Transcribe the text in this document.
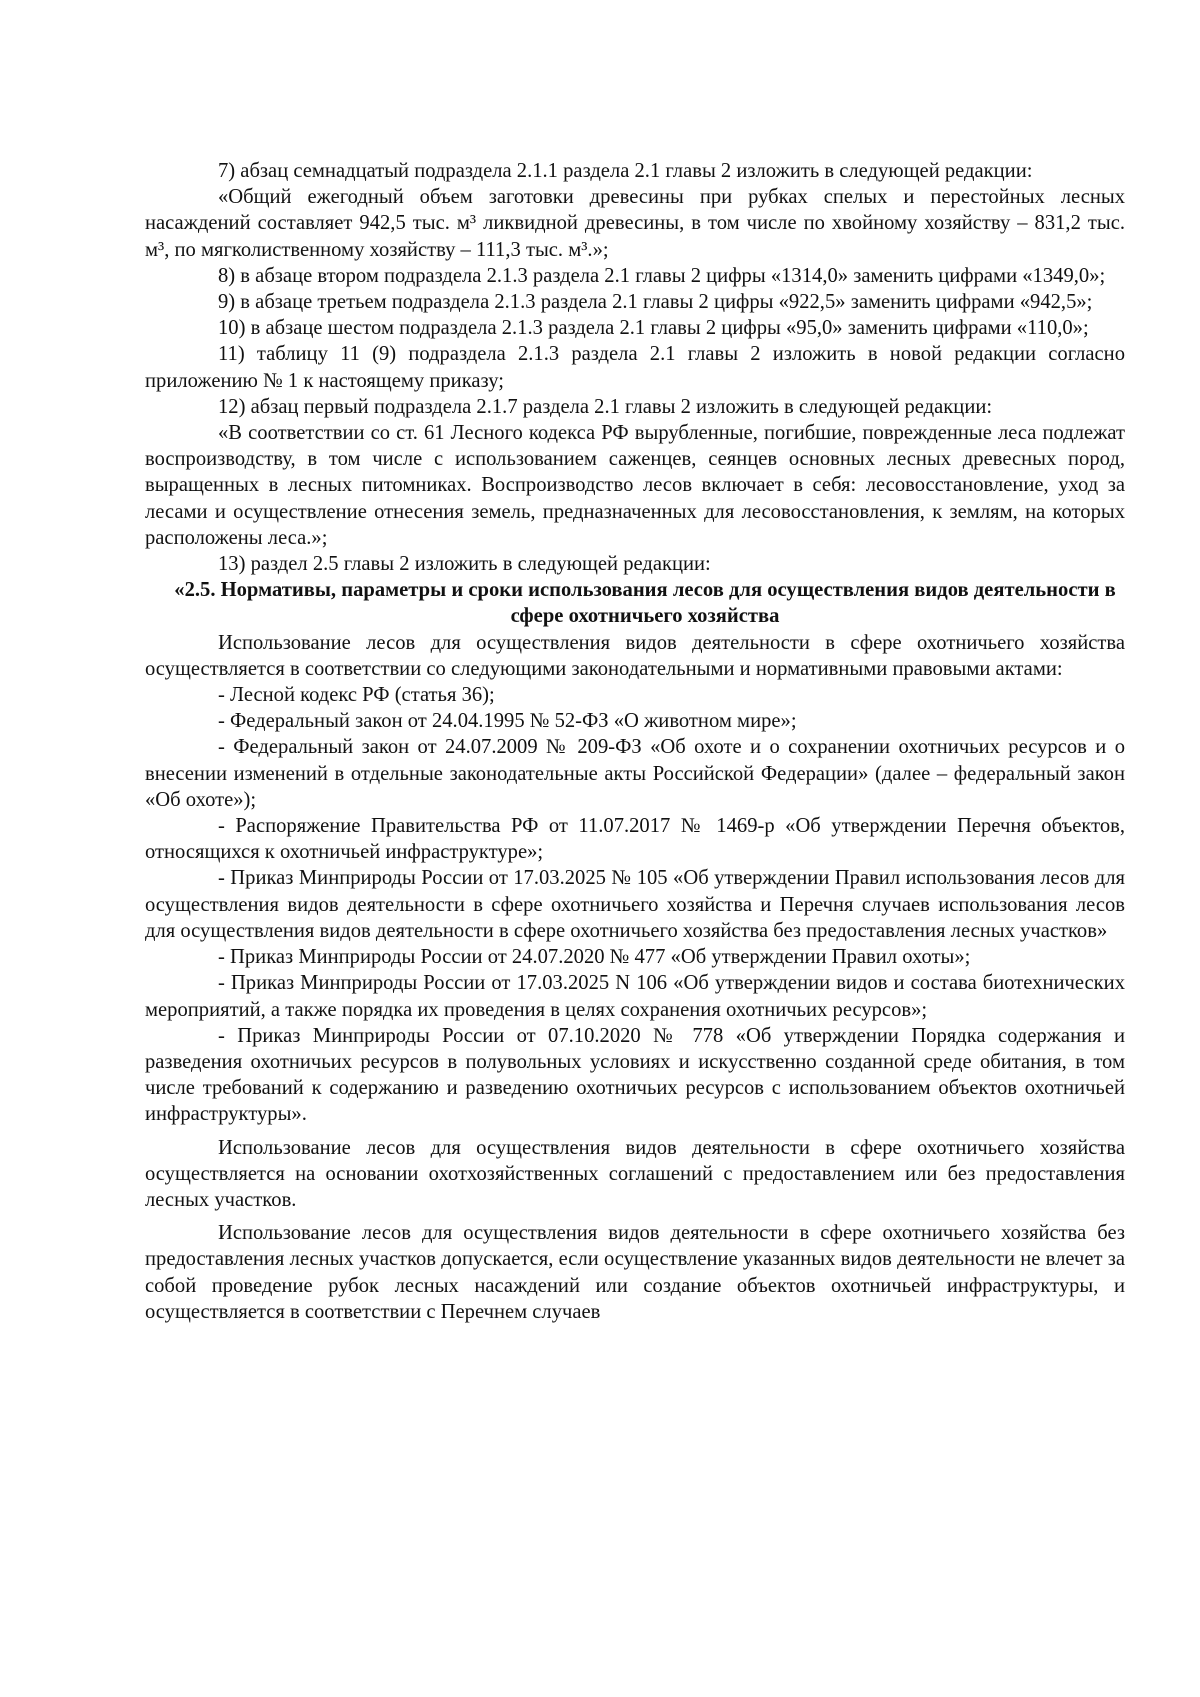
7) абзац семнадцатый подраздела 2.1.1 раздела 2.1 главы 2 изложить в следующей редакции:

«Общий ежегодный объем заготовки древесины при рубках спелых и перестойных лесных насаждений составляет 942,5 тыс. м³ ликвидной древесины, в том числе по хвойному хозяйству – 831,2 тыс. м³, по мягколиственному хозяйству – 111,3 тыс. м³.»;

8) в абзаце втором подраздела 2.1.3 раздела 2.1 главы 2 цифры «1314,0» заменить цифрами «1349,0»;

9) в абзаце третьем подраздела 2.1.3 раздела 2.1 главы 2 цифры «922,5» заменить цифрами «942,5»;

10) в абзаце шестом подраздела 2.1.3 раздела 2.1 главы 2 цифры «95,0» заменить цифрами «110,0»;

11) таблицу 11 (9) подраздела 2.1.3 раздела 2.1 главы 2 изложить в новой редакции согласно приложению № 1 к настоящему приказу;

12) абзац первый подраздела 2.1.7 раздела 2.1 главы 2 изложить в следующей редакции:

«В соответствии со ст. 61 Лесного кодекса РФ вырубленные, погибшие, поврежденные леса подлежат воспроизводству, в том числе с использованием саженцев, сеянцев основных лесных древесных пород, выращенных в лесных питомниках. Воспроизводство лесов включает в себя: лесовосстановление, уход за лесами и осуществление отнесения земель, предназначенных для лесовосстановления, к землям, на которых расположены леса.»;

13) раздел 2.5 главы 2 изложить в следующей редакции:

«2.5. Нормативы, параметры и сроки использования лесов для осуществления видов деятельности в сфере охотничьего хозяйства

Использование лесов для осуществления видов деятельности в сфере охотничьего хозяйства осуществляется в соответствии со следующими законодательными и нормативными правовыми актами:

- Лесной кодекс РФ (статья 36);

- Федеральный закон от 24.04.1995 № 52-ФЗ «О животном мире»;

- Федеральный закон от 24.07.2009 № 209-ФЗ «Об охоте и о сохранении охотничьих ресурсов и о внесении изменений в отдельные законодательные акты Российской Федерации» (далее – федеральный закон «Об охоте»);

- Распоряжение Правительства РФ от 11.07.2017 № 1469-р «Об утверждении Перечня объектов, относящихся к охотничьей инфраструктуре»;

- Приказ Минприроды России от 17.03.2025 № 105 «Об утверждении Правил использования лесов для осуществления видов деятельности в сфере охотничьего хозяйства и Перечня случаев использования лесов для осуществления видов деятельности в сфере охотничьего хозяйства без предоставления лесных участков»

- Приказ Минприроды России от 24.07.2020 № 477 «Об утверждении Правил охоты»;

- Приказ Минприроды России от 17.03.2025 N 106 «Об утверждении видов и состава биотехнических мероприятий, а также порядка их проведения в целях сохранения охотничьих ресурсов»;

- Приказ Минприроды России от 07.10.2020 № 778 «Об утверждении Порядка содержания и разведения охотничьих ресурсов в полувольных условиях и искусственно созданной среде обитания, в том числе требований к содержанию и разведению охотничьих ресурсов с использованием объектов охотничьей инфраструктуры».

Использование лесов для осуществления видов деятельности в сфере охотничьего хозяйства осуществляется на основании охотхозяйственных соглашений с предоставлением или без предоставления лесных участков.

Использование лесов для осуществления видов деятельности в сфере охотничьего хозяйства без предоставления лесных участков допускается, если осуществление указанных видов деятельности не влечет за собой проведение рубок лесных насаждений или создание объектов охотничьей инфраструктуры, и осуществляется в соответствии с Перечнем случаев
